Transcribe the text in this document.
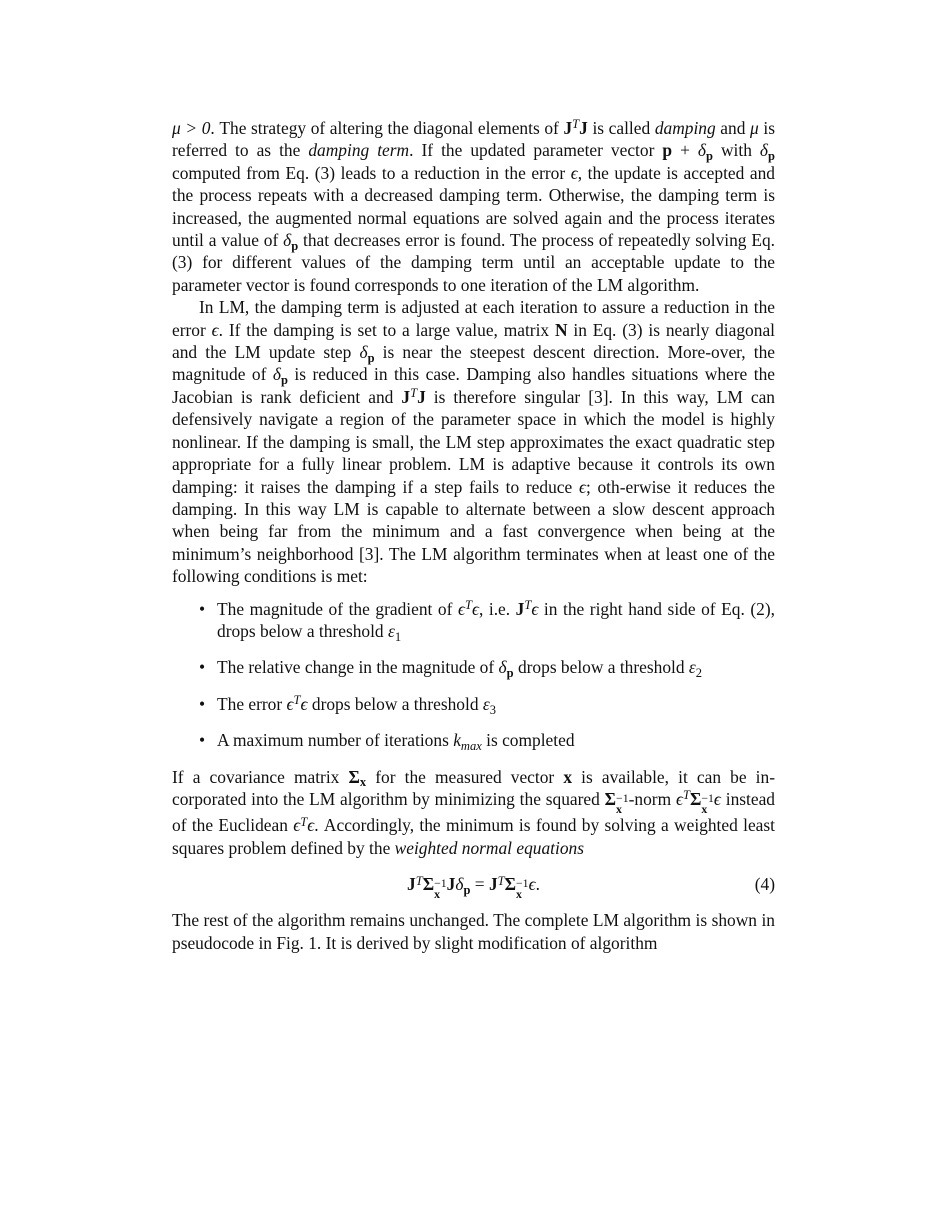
μ > 0. The strategy of altering the diagonal elements of $J^TJ$ is called damping and μ is referred to as the damping term. If the updated parameter vector $p + \delta_p$ with $\delta_p$ computed from Eq. (3) leads to a reduction in the error ϵ, the update is accepted and the process repeats with a decreased damping term. Otherwise, the damping term is increased, the augmented normal equations are solved again and the process iterates until a value of $\delta_p$ that decreases error is found. The process of repeatedly solving Eq. (3) for different values of the damping term until an acceptable update to the parameter vector is found corresponds to one iteration of the LM algorithm.

In LM, the damping term is adjusted at each iteration to assure a reduction in the error ϵ. If the damping is set to a large value, matrix N in Eq. (3) is nearly diagonal and the LM update step $\delta_p$ is near the steepest descent direction. More-over, the magnitude of $\delta_p$ is reduced in this case. Damping also handles situations where the Jacobian is rank deficient and $J^TJ$ is therefore singular [3]. In this way, LM can defensively navigate a region of the parameter space in which the model is highly nonlinear. If the damping is small, the LM step approximates the exact quadratic step appropriate for a fully linear problem. LM is adaptive because it controls its own damping: it raises the damping if a step fails to reduce ϵ; oth-erwise it reduces the damping. In this way LM is capable to alternate between a slow descent approach when being far from the minimum and a fast convergence when being at the minimum’s neighborhood [3]. The LM algorithm terminates when at least one of the following conditions is met:

• The magnitude of the gradient of $\epsilon^T\epsilon$, i.e. $J^T\epsilon$ in the right hand side of Eq. (2), drops below a threshold $\varepsilon_1$
• The relative change in the magnitude of $\delta_p$ drops below a threshold $\varepsilon_2$
• The error $\epsilon^T\epsilon$ drops below a threshold $\varepsilon_3$
• A maximum number of iterations $k_{max}$ is completed

If a covariance matrix $\Sigma_x$ for the measured vector x is available, it can be in-corporated into the LM algorithm by minimizing the squared Σ −1
x -norm $\epsilon^T\Sigma -1$
x ϵ instead of the Euclidean $\epsilon^T\epsilon$. Accordingly, the minimum is found by solving a weighted least squares problem defined by the weighted normal equations

$J^T\Sigma -1$
x $J\delta_p = J^T\Sigma -1$
x ϵ.	(4)

The rest of the algorithm remains unchanged. The complete LM algorithm is shown in pseudocode in Fig. 1. It is derived by slight modification of algorithm
